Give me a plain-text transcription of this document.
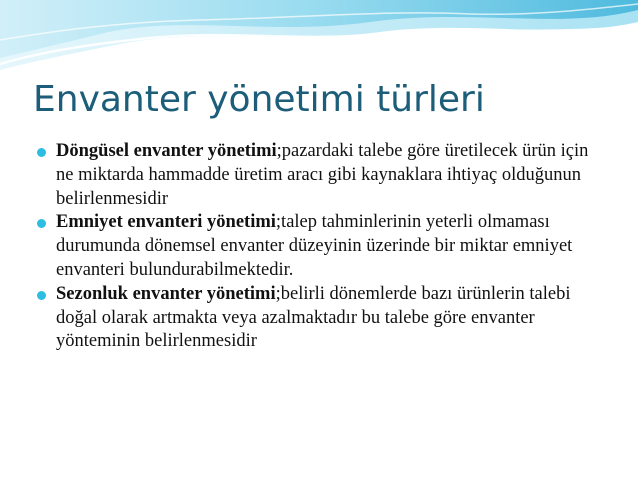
Envanter yönetimi türleri
Döngüsel envanter yönetimi;pazardaki talebe göre üretilecek ürün için ne miktarda hammadde üretim aracı gibi kaynaklara ihtiyaç olduğunun belirlenmesidir
Emniyet envanteri yönetimi;talep tahminlerinin yeterli olmaması durumunda dönemsel envanter düzeyinin üzerinde bir miktar emniyet envanteri bulundurabilmektedir.
Sezonluk envanter yönetimi;belirli dönemlerde bazı ürünlerin talebi doğal olarak artmakta veya azalmaktadır bu talebe göre envanter yönteminin belirlenmesidir
